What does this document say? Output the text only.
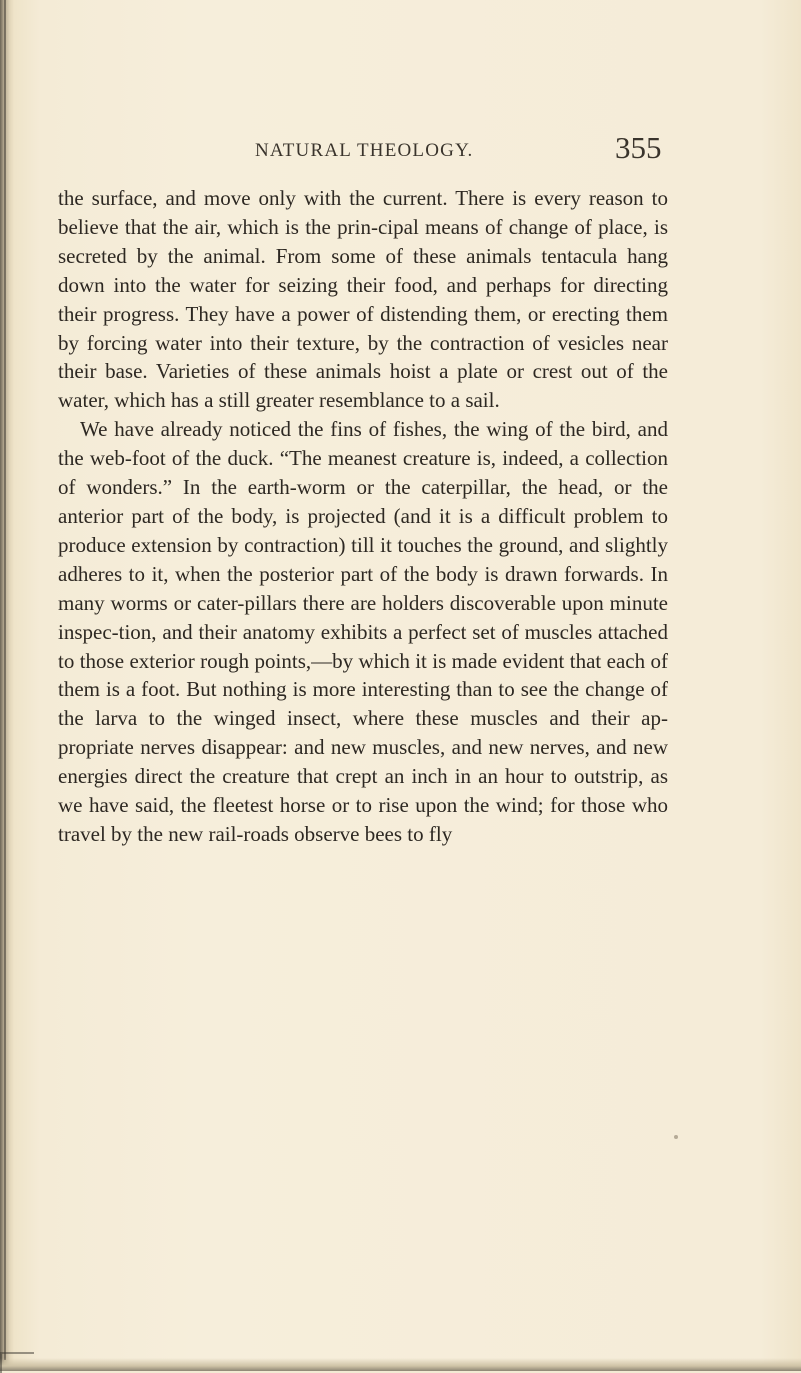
NATURAL THEOLOGY.	355

the surface, and move only with the current. There is every reason to believe that the air, which is the prin-cipal means of change of place, is secreted by the animal. From some of these animals tentacula hang down into the water for seizing their food, and perhaps for directing their progress. They have a power of distending them, or erecting them by forcing water into their texture, by the contraction of vesicles near their base. Varieties of these animals hoist a plate or crest out of the water, which has a still greater resemblance to a sail.

We have already noticed the fins of fishes, the wing of the bird, and the web-foot of the duck. “The meanest creature is, indeed, a collection of wonders.” In the earth-worm or the caterpillar, the head, or the anterior part of the body, is projected (and it is a difficult problem to produce extension by contraction) till it touches the ground, and slightly adheres to it, when the posterior part of the body is drawn forwards. In many worms or cater-pillars there are holders discoverable upon minute inspec-tion, and their anatomy exhibits a perfect set of muscles attached to those exterior rough points,—by which it is made evident that each of them is a foot. But nothing is more interesting than to see the change of the larva to the winged insect, where these muscles and their ap-propriate nerves disappear: and new muscles, and new nerves, and new energies direct the creature that crept an inch in an hour to outstrip, as we have said, the fleetest horse or to rise upon the wind; for those who travel by the new rail-roads observe bees to fly
